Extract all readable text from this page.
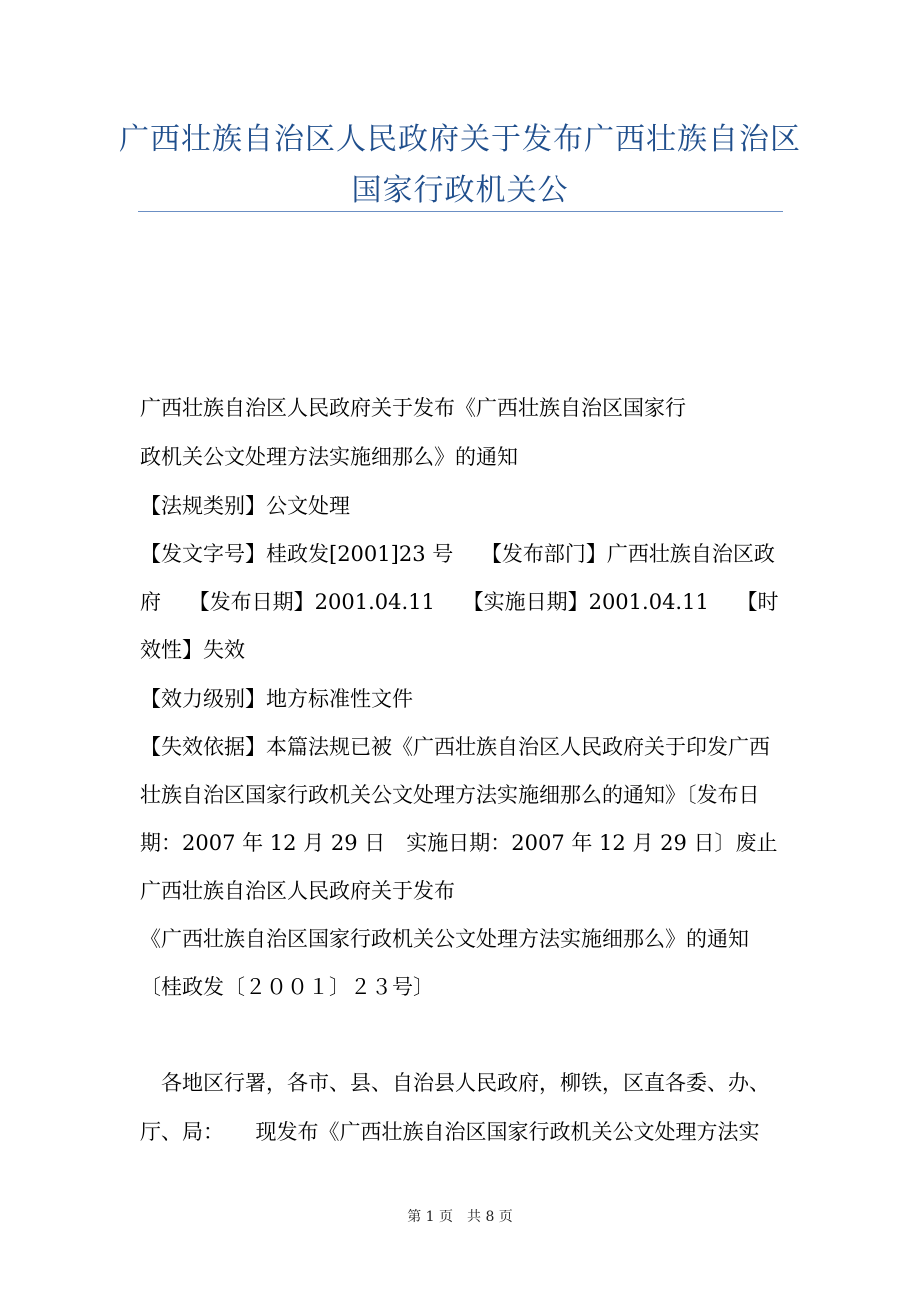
广西壮族自治区人民政府关于发布广西壮族自治区
国家行政机关公
广西壮族自治区人民政府关于发布《广西壮族自治区国家行
政机关公文处理方法实施细那么》的通知
【法规类别】公文处理
【发文字号】桂政发[2001]23 号　 【发布部门】广西壮族自治区政
府　 【发布日期】2001.04.11　 【实施日期】2001.04.11　 【时
效性】失效
【效力级别】地方标准性文件
【失效依据】本篇法规已被《广西壮族自治区人民政府关于印发广西
壮族自治区国家行政机关公文处理方法实施细那么的通知》〔发布日
期：2007 年 12 月 29 日　实施日期：2007 年 12 月 29 日〕废止
广西壮族自治区人民政府关于发布
《广西壮族自治区国家行政机关公文处理方法实施细那么》的通知
〔桂政发〔２００１〕２３号〕
　各地区行署，各市、县、自治县人民政府，柳铁，区直各委、办、
厅、局：　　现发布《广西壮族自治区国家行政机关公文处理方法实
第 1 页　共 8 页
